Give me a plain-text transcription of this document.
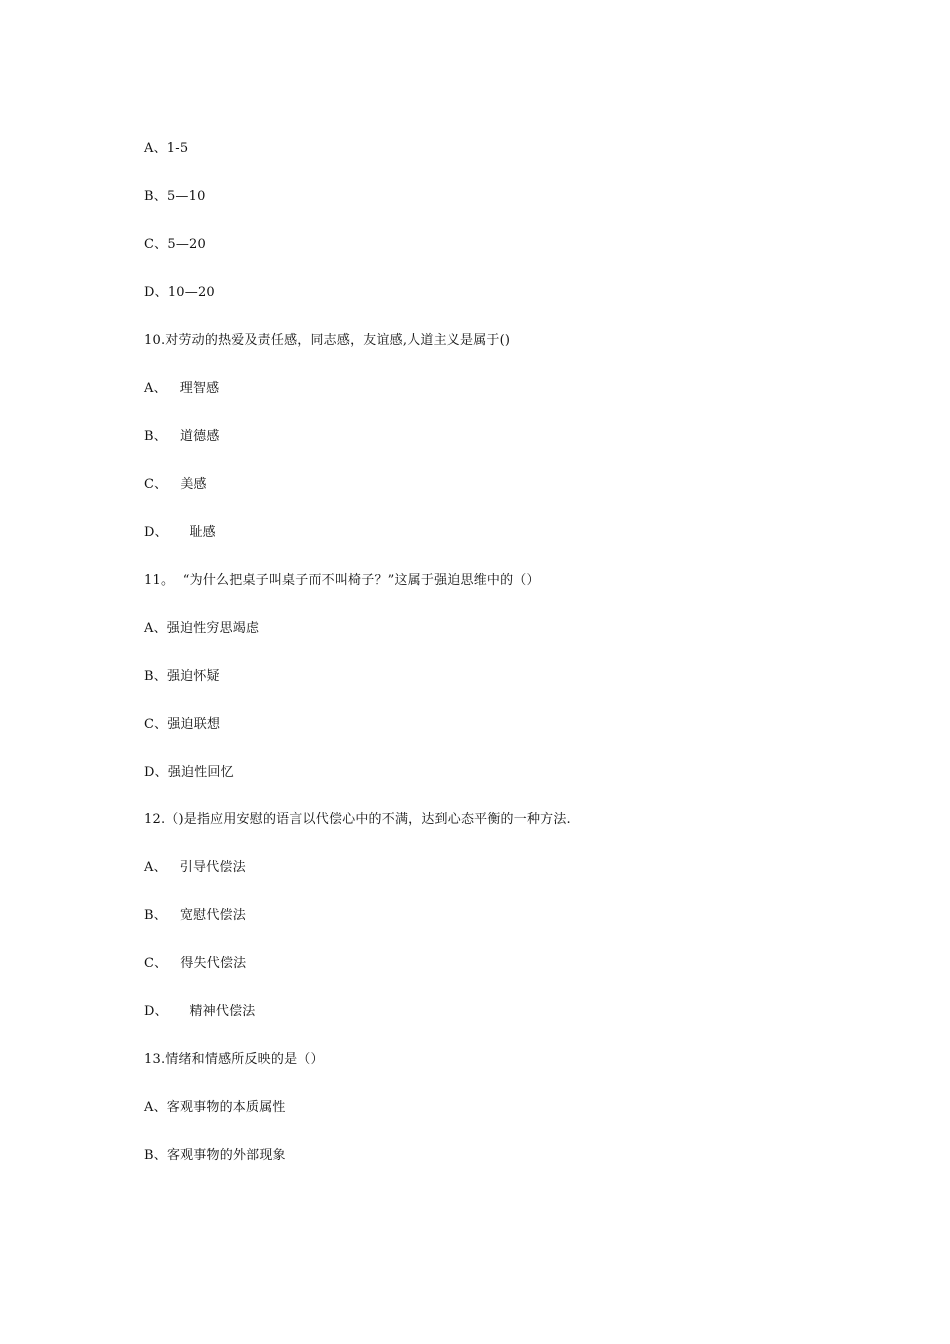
A、1-5
B、5—10
C、5—20
D、10—20
10.对劳动的热爱及责任感，同志感，友谊感,人道主义是属于()
A、   理智感
B、   道德感
C、   美感
D、     耻感
11。  “为什么把桌子叫桌子而不叫椅子？”这属于强迫思维中的（）
A、强迫性穷思竭虑
B、强迫怀疑
C、强迫联想
D、强迫性回忆
12.（)是指应用安慰的语言以代偿心中的不满，达到心态平衡的一种方法.
A、   引导代偿法
B、   宽慰代偿法
C、   得失代偿法
D、     精神代偿法
13.情绪和情感所反映的是（）
A、客观事物的本质属性
B、客观事物的外部现象
